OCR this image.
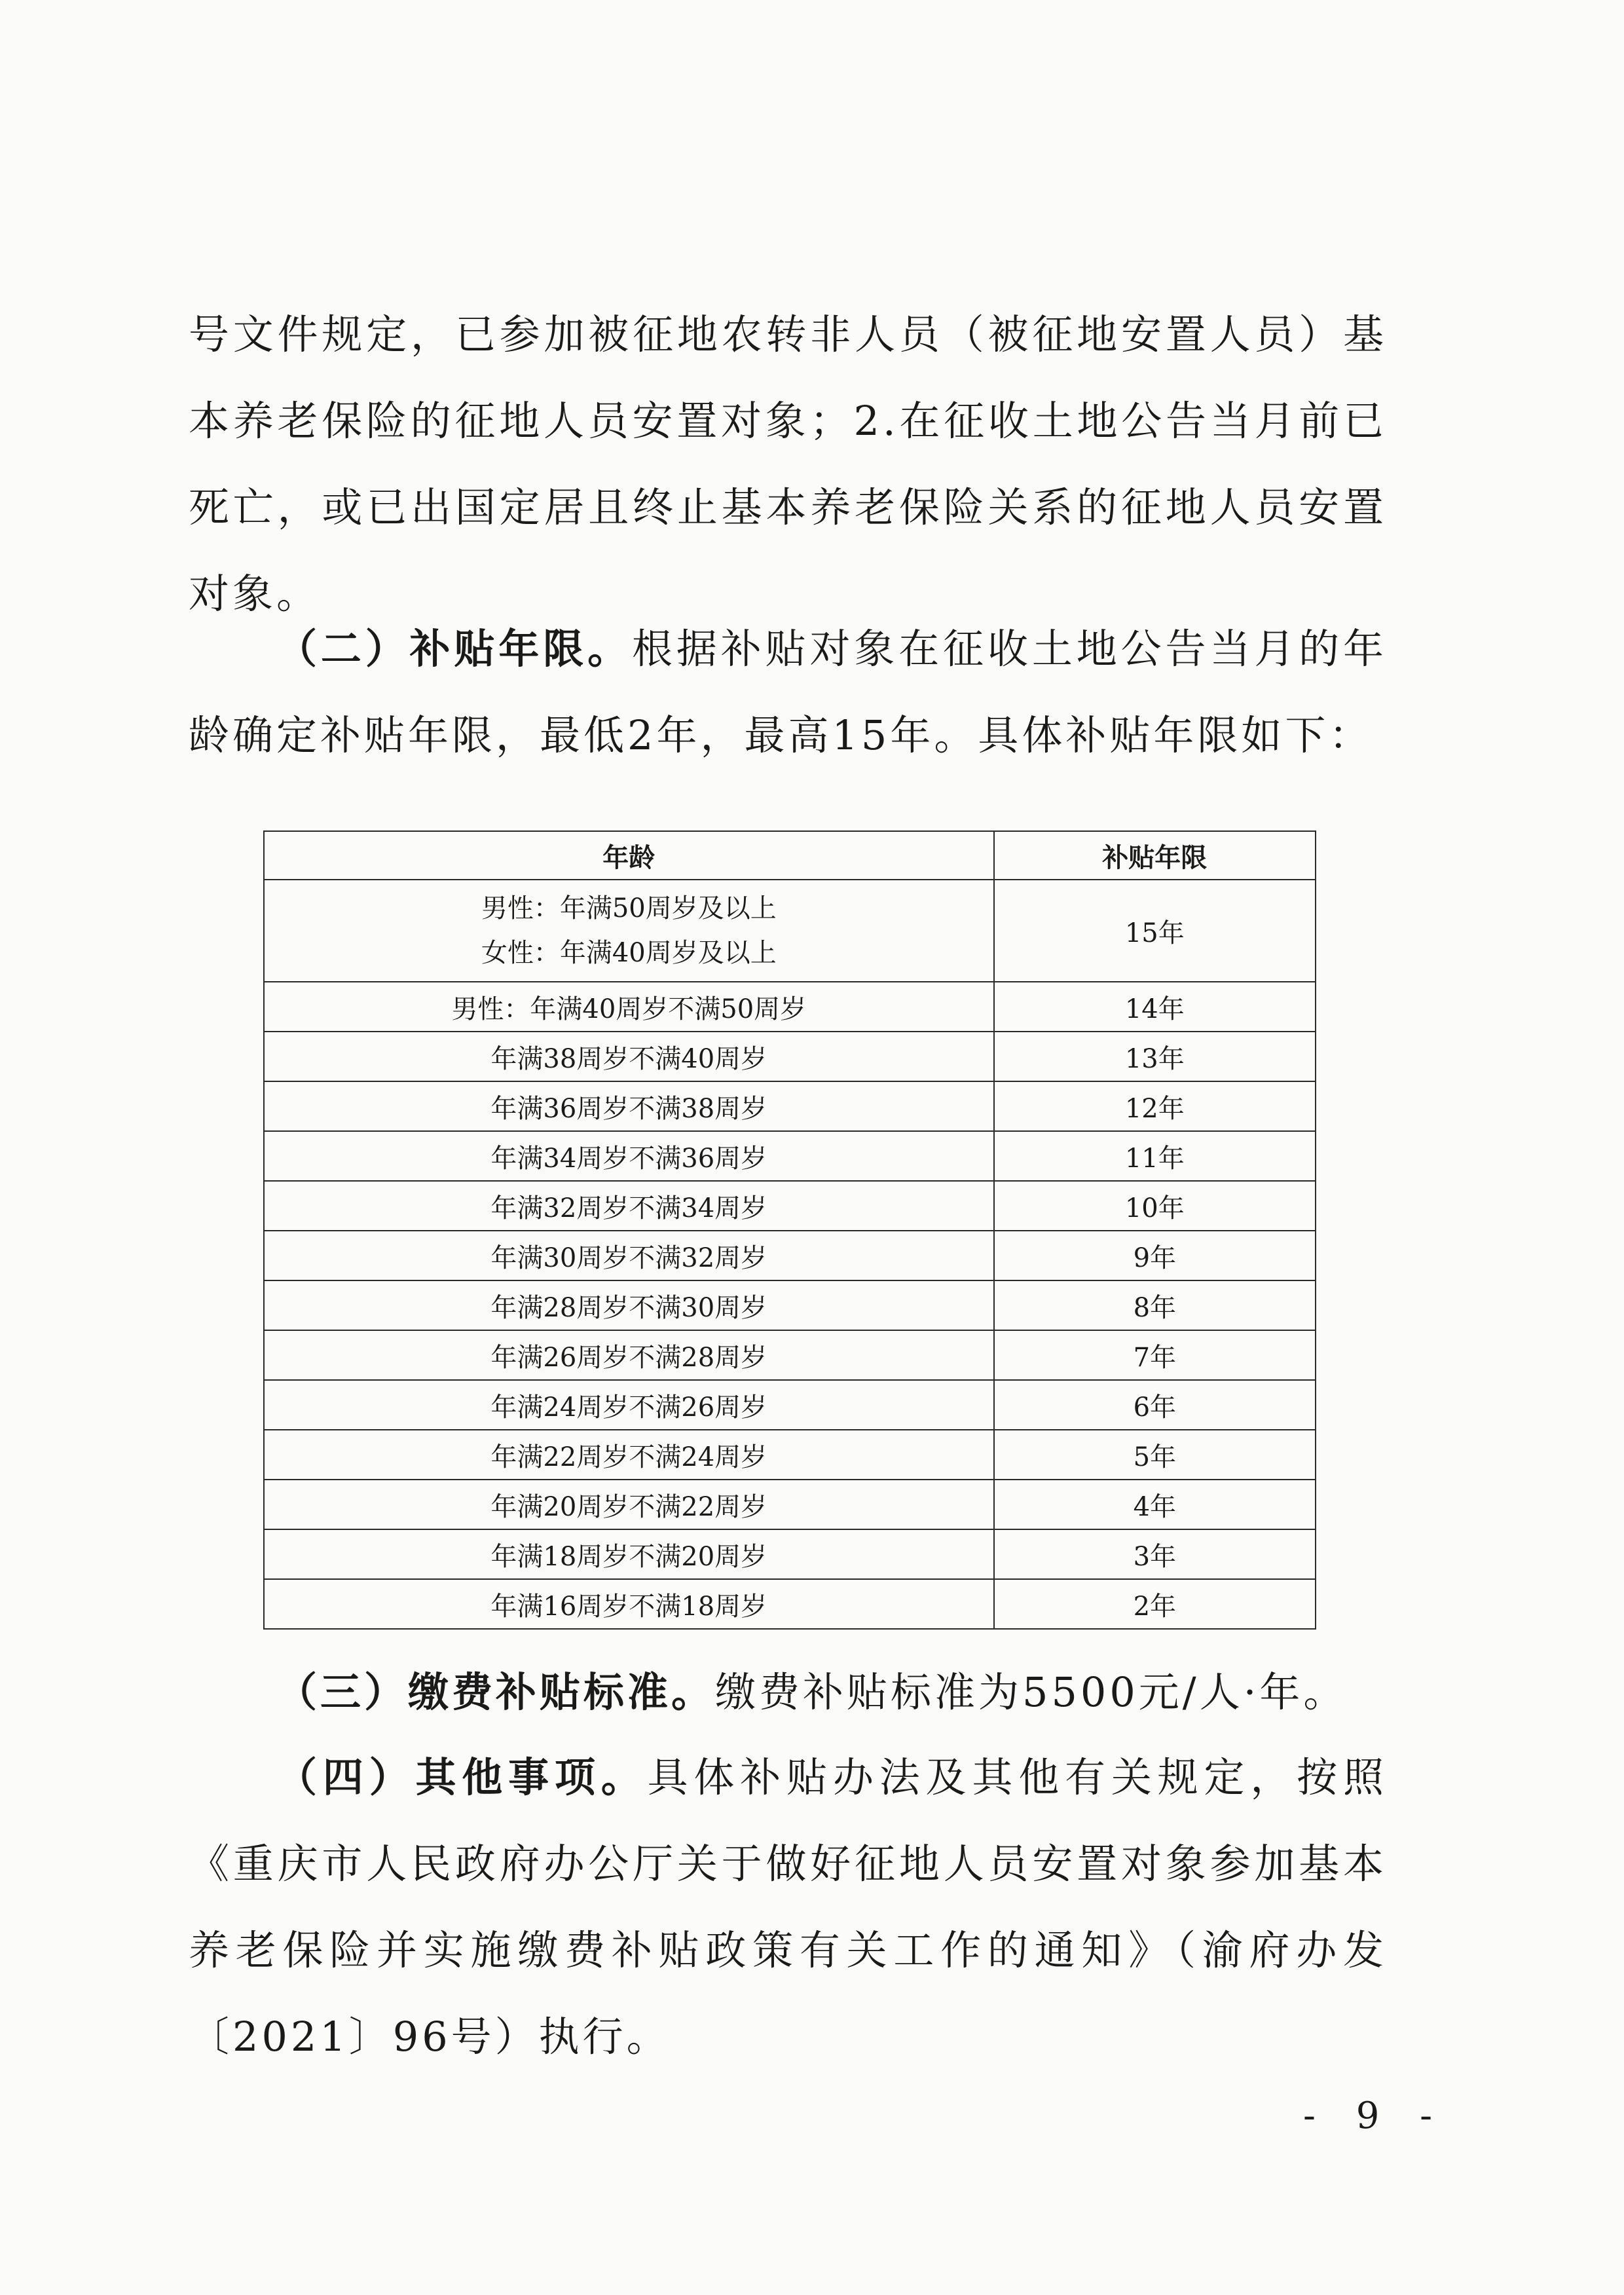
号文件规定，已参加被征地农转非人员（被征地安置人员）基本养老保险的征地人员安置对象；2.在征收土地公告当月前已死亡，或已出国定居且终止基本养老保险关系的征地人员安置对象。

（二）补贴年限。根据补贴对象在征收土地公告当月的年龄确定补贴年限，最低2年，最高15年。具体补贴年限如下：

年龄	补贴年限

男性：年满50周岁及以上
女性：年满40周岁及以上	15年
男性：年满40周岁不满50周岁	14年
年满38周岁不满40周岁	13年
年满36周岁不满38周岁	12年
年满34周岁不满36周岁	11年
年满32周岁不满34周岁	10年
年满30周岁不满32周岁	9年
年满28周岁不满30周岁	8年
年满26周岁不满28周岁	7年
年满24周岁不满26周岁	6年
年满22周岁不满24周岁	5年
年满20周岁不满22周岁	4年
年满18周岁不满20周岁	3年
年满16周岁不满18周岁	2年

（三）缴费补贴标准。缴费补贴标准为5500元/人·年。

（四）其他事项。具体补贴办法及其他有关规定，按照《重庆市人民政府办公厅关于做好征地人员安置对象参加基本养老保险并实施缴费补贴政策有关工作的通知》（渝府办发〔2021〕96号）执行。

- 9 -
